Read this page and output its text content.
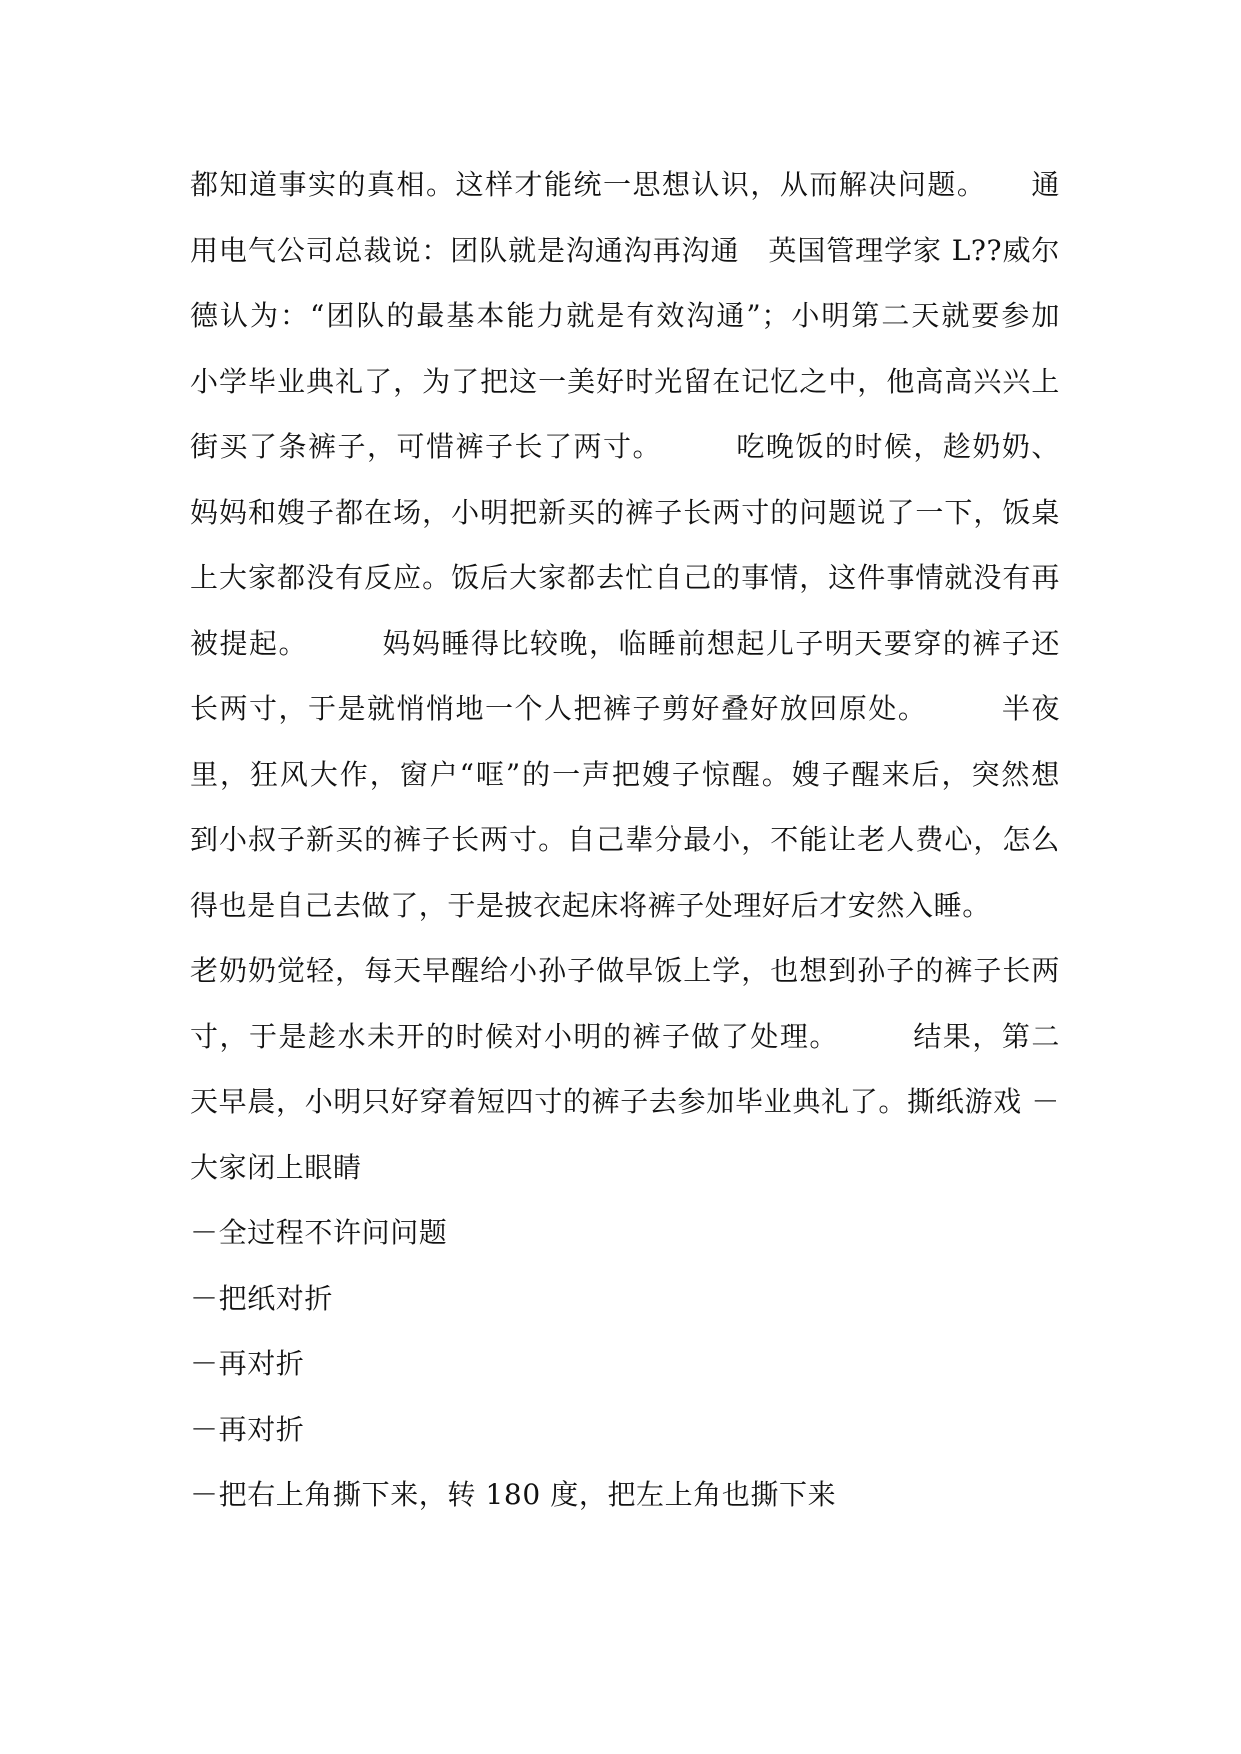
都知道事实的真相。这样才能统一思想认识，从而解决问题。　　通
用电气公司总裁说：团队就是沟通沟再沟通　英国管理学家 L??威尔
德认为：“团队的最基本能力就是有效沟通”；小明第二天就要参加
小学毕业典礼了，为了把这一美好时光留在记忆之中，他高高兴兴上
街买了条裤子，可惜裤子长了两寸。　　　吃晚饭的时候，趁奶奶、
妈妈和嫂子都在场，小明把新买的裤子长两寸的问题说了一下，饭桌
上大家都没有反应。饭后大家都去忙自己的事情，这件事情就没有再
被提起。　　　妈妈睡得比较晚，临睡前想起儿子明天要穿的裤子还
长两寸，于是就悄悄地一个人把裤子剪好叠好放回原处。　　　半夜
里，狂风大作，窗户“哐”的一声把嫂子惊醒。嫂子醒来后，突然想
到小叔子新买的裤子长两寸。自己辈分最小，不能让老人费心，怎么
得也是自己去做了，于是披衣起床将裤子处理好后才安然入睡。
老奶奶觉轻，每天早醒给小孙子做早饭上学，也想到孙子的裤子长两
寸，于是趁水未开的时候对小明的裤子做了处理。　　　结果，第二
天早晨，小明只好穿着短四寸的裤子去参加毕业典礼了。撕纸游戏 －
大家闭上眼睛
－全过程不许问问题
－把纸对折
－再对折
－再对折
－把右上角撕下来，转 180 度，把左上角也撕下来
